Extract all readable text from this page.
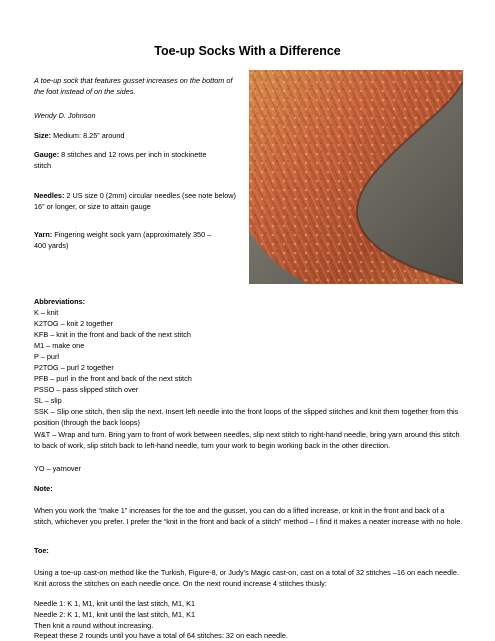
Toe-up Socks With a Difference

A toe-up sock that features gusset increases on the bottom of the foot instead of on the sides.

Wendy D. Johnson

Size: Medium: 8.25” around

Gauge: 8 stitches and 12 rows per inch in stockinette stitch

Needles: 2 US size 0 (2mm) circular needles (see note below) 16” or longer, or size to attain gauge

Yarn: Fingering weight sock yarn (approximately 350 – 400 yards)

Abbreviations:

K – knit

K2TOG – knit 2 together

KFB – knit in the front and back of the next stitch

M1 – make one

P – purl

P2TOG – purl 2 together

PFB – purl in the front and back of the next stitch

PSSO – pass slipped stitch over

SL – slip

SSK – Slip one stitch, then slip the next. Insert left needle into the front loops of the slipped stitches and knit them together from this position (through the back loops)

W&T – Wrap and turn. Bring yarn to front of work between needles, slip next stitch to right-hand needle, bring yarn around this stitch to back of work, slip stitch back to left-hand needle, turn your work to begin working back in the other direction.

YO – yarnover

Note:

When you work the “make 1” increases for the toe and the gusset, you can do a lifted increase, or knit in the front and back of a stitch, whichever you prefer. I prefer the “knit in the front and back of a stitch” method – I find it makes a neater increase with no hole.

Toe:

Using a toe-up cast-on method like the Turkish, Figure-8, or Judy’s Magic cast-on, cast on a total of 32 stitches –16 on each needle. Knit across the stitches on each needle once. On the next round increase 4 stitches thusly:

Needle 1: K 1, M1, knit until the last stitch, M1, K1

Needle 2: K 1, M1, knit until the last stitch, M1, K1

Then knit a round without increasing.

Repeat these 2 rounds until you have a total of 64 stitches: 32 on each needle.
